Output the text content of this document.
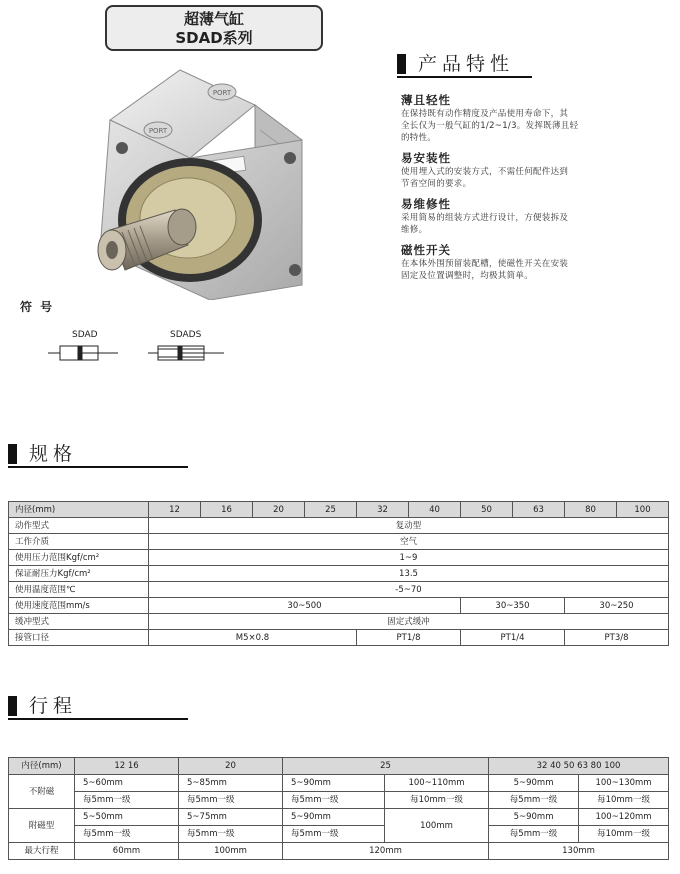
超薄气缸
SDAD系列
PORT
PORT
产品特性
薄且轻性
在保持既有动作精度及产品使用寿命下，其
全长仅为一般气缸的1/2~1/3。发挥既薄且轻
的特性。
易安装性
使用埋入式的安装方式，不需任何配件达到
节省空间的要求。
易维修性
采用简易的组装方式进行设计，方便装拆及
维修。
磁性开关
在本体外围预留装配槽，使磁性开关在安装
固定及位置调整时，均极其简单。
符 号
SDAD	SDADS
规格
内径(mm)	12	16	20	25	32	40	50	63	80	100
动作型式	复动型									
工作介质	空气									
使用压力范围Kgf/cm²	1~9									
保证耐压力Kgf/cm²	13.5									
使用温度范围℃	-5~70									
使用速度范围mm/s	30~500						30~350		30~250	
缓冲型式	固定式缓冲									
接管口径	M5×0.8				PT1/8		PT1/4		PT3/8	
行程
内径(mm)	12 16	20	25		32 40 50 63 80 100	
不附磁	5~60mm	5~85mm	5~90mm	100~110mm	5~90mm	100~130mm
	每5mm一级	每5mm一级	每5mm一级	每10mm一级	每5mm一级	每10mm一级
附磁型	5~50mm	5~75mm	5~90mm	100mm	5~90mm	100~120mm
	每5mm一级	每5mm一级	每5mm一级		每5mm一级	每10mm一级
最大行程	60mm	100mm	120mm		130mm	
